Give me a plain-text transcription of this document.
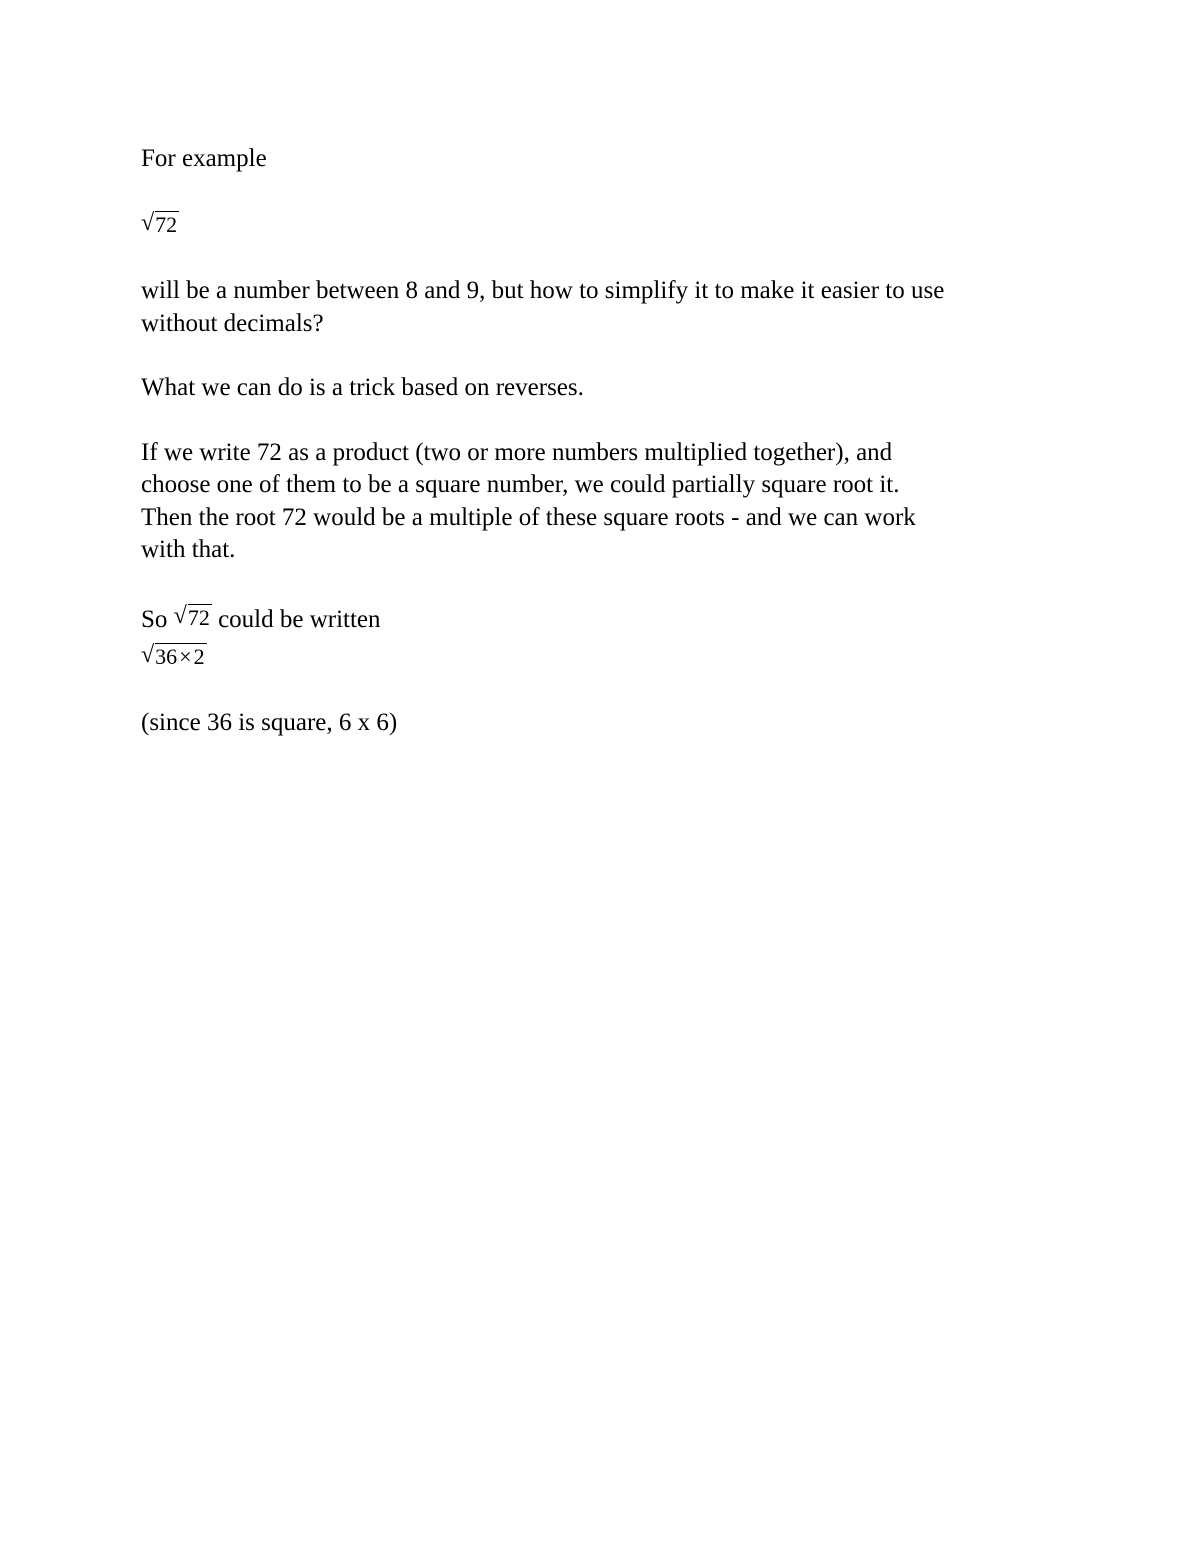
For example
√ 72
will be a number between 8 and 9, but how to simplify it to make it easier to use
without decimals?
What we can do is a trick based on reverses.
If we write 72 as a product (two or more numbers multiplied together), and
choose one of them to be a square number, we could partially square root it.
Then the root 72 would be a multiple of these square roots - and we can work
with that.
So √ 72 could be written
√ 36×2
(since 36 is square, 6 x 6)
